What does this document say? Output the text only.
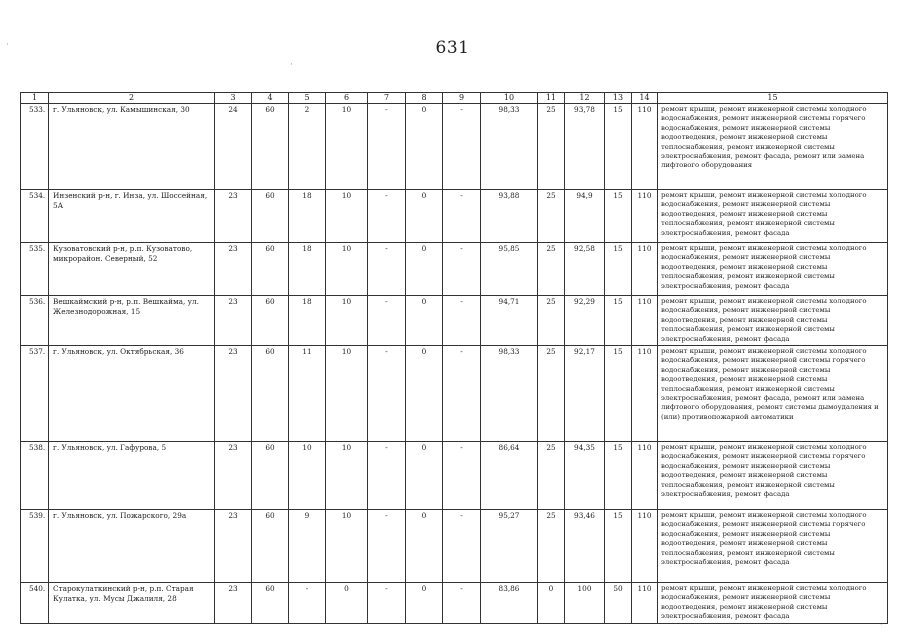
631
·
·
·
1	2	3	4	5	6	7	8	9	10	11	12	13	14	15
533.	г. Ульяновск, ул. Камышинская, 30	24	60	2	10	-	0	-	98,33	25	93,78	15	110	ремонт крыши, ремонт инженерной системы холодного водоснабжения, ремонт инженерной системы горячего водоснабжения, ремонт инженерной системы водоотведения, ремонт инженерной системы теплоснабжения, ремонт инженерной системы электроснабжения, ремонт фасада, ремонт или замена лифтового оборудования
534.	Инзенский р-н, г. Инза, ул. Шоссейная, 5А	23	60	18	10	-	0	-	93,88	25	94,9	15	110	ремонт крыши, ремонт инженерной системы холодного водоснабжения, ремонт инженерной системы водоотведения, ремонт инженерной системы теплоснабжения, ремонт инженерной системы электроснабжения, ремонт фасада
535.	Кузоватовский р-н, р.п. Кузоватово, микрорайон. Северный, 52	23	60	18	10	-	0	-	95,85	25	92,58	15	110	ремонт крыши, ремонт инженерной системы холодного водоснабжения, ремонт инженерной системы водоотведения, ремонт инженерной системы теплоснабжения, ремонт инженерной системы электроснабжения, ремонт фасада
536.	Вешкаймский р-н, р.п. Вешкайма, ул. Железнодорожная, 15	23	60	18	10	-	0	-	94,71	25	92,29	15	110	ремонт крыши, ремонт инженерной системы холодного водоснабжения, ремонт инженерной системы водоотведения, ремонт инженерной системы теплоснабжения, ремонт инженерной системы электроснабжения, ремонт фасада
537.	г. Ульяновск, ул. Октябрьская, 36	23	60	11	10	-	0	-	98,33	25	92,17	15	110	ремонт крыши, ремонт инженерной системы холодного водоснабжения, ремонт инженерной системы горячего водоснабжения, ремонт инженерной системы водоотведения, ремонт инженерной системы теплоснабжения, ремонт инженерной системы электроснабжения, ремонт фасада, ремонт или замена лифтового оборудования, ремонт системы дымоудаления и (или) противопожарной автоматики
538.	г. Ульяновск, ул. Гафурова, 5	23	60	10	10	-	0	-	86,64	25	94,35	15	110	ремонт крыши, ремонт инженерной системы холодного водоснабжения, ремонт инженерной системы горячего водоснабжения, ремонт инженерной системы водоотведения, ремонт инженерной системы теплоснабжения, ремонт инженерной системы электроснабжения, ремонт фасада
539.	г. Ульяновск, ул. Пожарского, 29а	23	60	9	10	-	0	-	95,27	25	93,46	15	110	ремонт крыши, ремонт инженерной системы холодного водоснабжения, ремонт инженерной системы горячего водоснабжения, ремонт инженерной системы водоотведения, ремонт инженерной системы теплоснабжения, ремонт инженерной системы электроснабжения, ремонт фасада
540.	Старокулаткинский р-н, р.п. Старая Кулатка, ул. Мусы Джалиля, 28	23	60	-	0	-	0	-	83,86	0	100	50	110	ремонт крыши, ремонт инженерной системы холодного водоснабжения, ремонт инженерной системы водоотведения, ремонт инженерной системы электроснабжения, ремонт фасада
